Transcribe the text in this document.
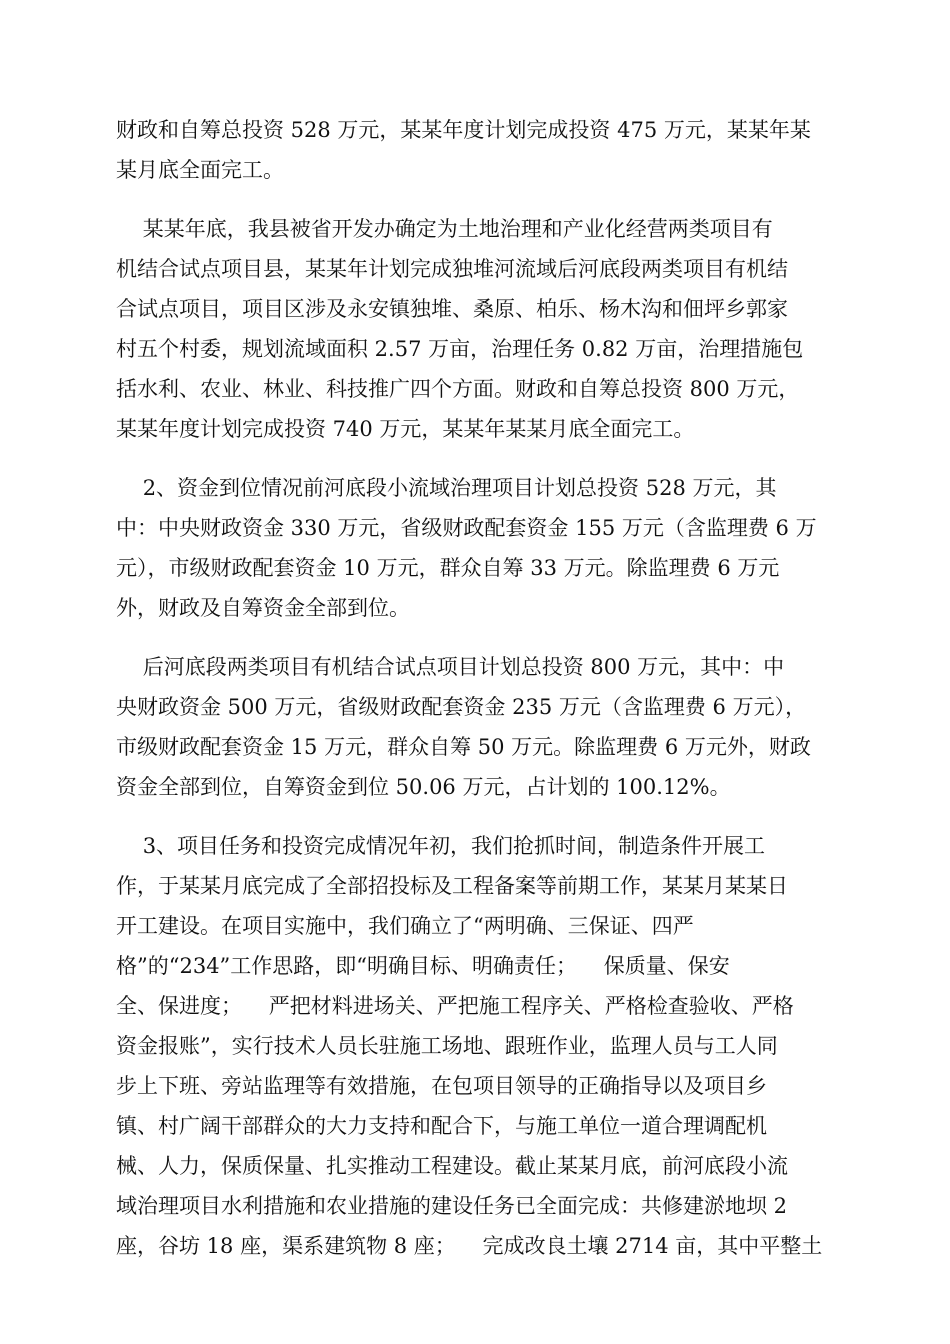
财政和自筹总投资 528 万元，某某年度计划完成投资 475 万元，某某年某
某月底全面完工。
某某年底，我县被省开发办确定为土地治理和产业化经营两类项目有
机结合试点项目县，某某年计划完成独堆河流域后河底段两类项目有机结
合试点项目，项目区涉及永安镇独堆、桑原、柏乐、杨木沟和佃坪乡郭家
村五个村委，规划流域面积 2.57 万亩，治理任务 0.82 万亩，治理措施包
括水利、农业、林业、科技推广四个方面。财政和自筹总投资 800 万元，
某某年度计划完成投资 740 万元，某某年某某月底全面完工。
2、资金到位情况前河底段小流域治理项目计划总投资 528 万元，其
中：中央财政资金 330 万元，省级财政配套资金 155 万元（含监理费 6 万
元），市级财政配套资金 10 万元，群众自筹 33 万元。除监理费 6 万元
外，财政及自筹资金全部到位。
后河底段两类项目有机结合试点项目计划总投资 800 万元，其中：中
央财政资金 500 万元，省级财政配套资金 235 万元（含监理费 6 万元），
市级财政配套资金 15 万元，群众自筹 50 万元。除监理费 6 万元外，财政
资金全部到位，自筹资金到位 50.06 万元，占计划的 100.12%。
3、项目任务和投资完成情况年初，我们抢抓时间，制造条件开展工
作，于某某月底完成了全部招投标及工程备案等前期工作，某某月某某日
开工建设。在项目实施中，我们确立了“两明确、三保证、四严
格”的“234”工作思路，即“明确目标、明确责任；    保质量、保安
全、保进度；    严把材料进场关、严把施工程序关、严格检查验收、严格
资金报账”，实行技术人员长驻施工场地、跟班作业，监理人员与工人同
步上下班、旁站监理等有效措施，在包项目领导的正确指导以及项目乡
镇、村广阔干部群众的大力支持和配合下，与施工单位一道合理调配机
械、人力，保质保量、扎实推动工程建设。截止某某月底，前河底段小流
域治理项目水利措施和农业措施的建设任务已全面完成：共修建淤地坝 2
座，谷坊 18 座，渠系建筑物 8 座；    完成改良土壤 2714 亩，其中平整土
